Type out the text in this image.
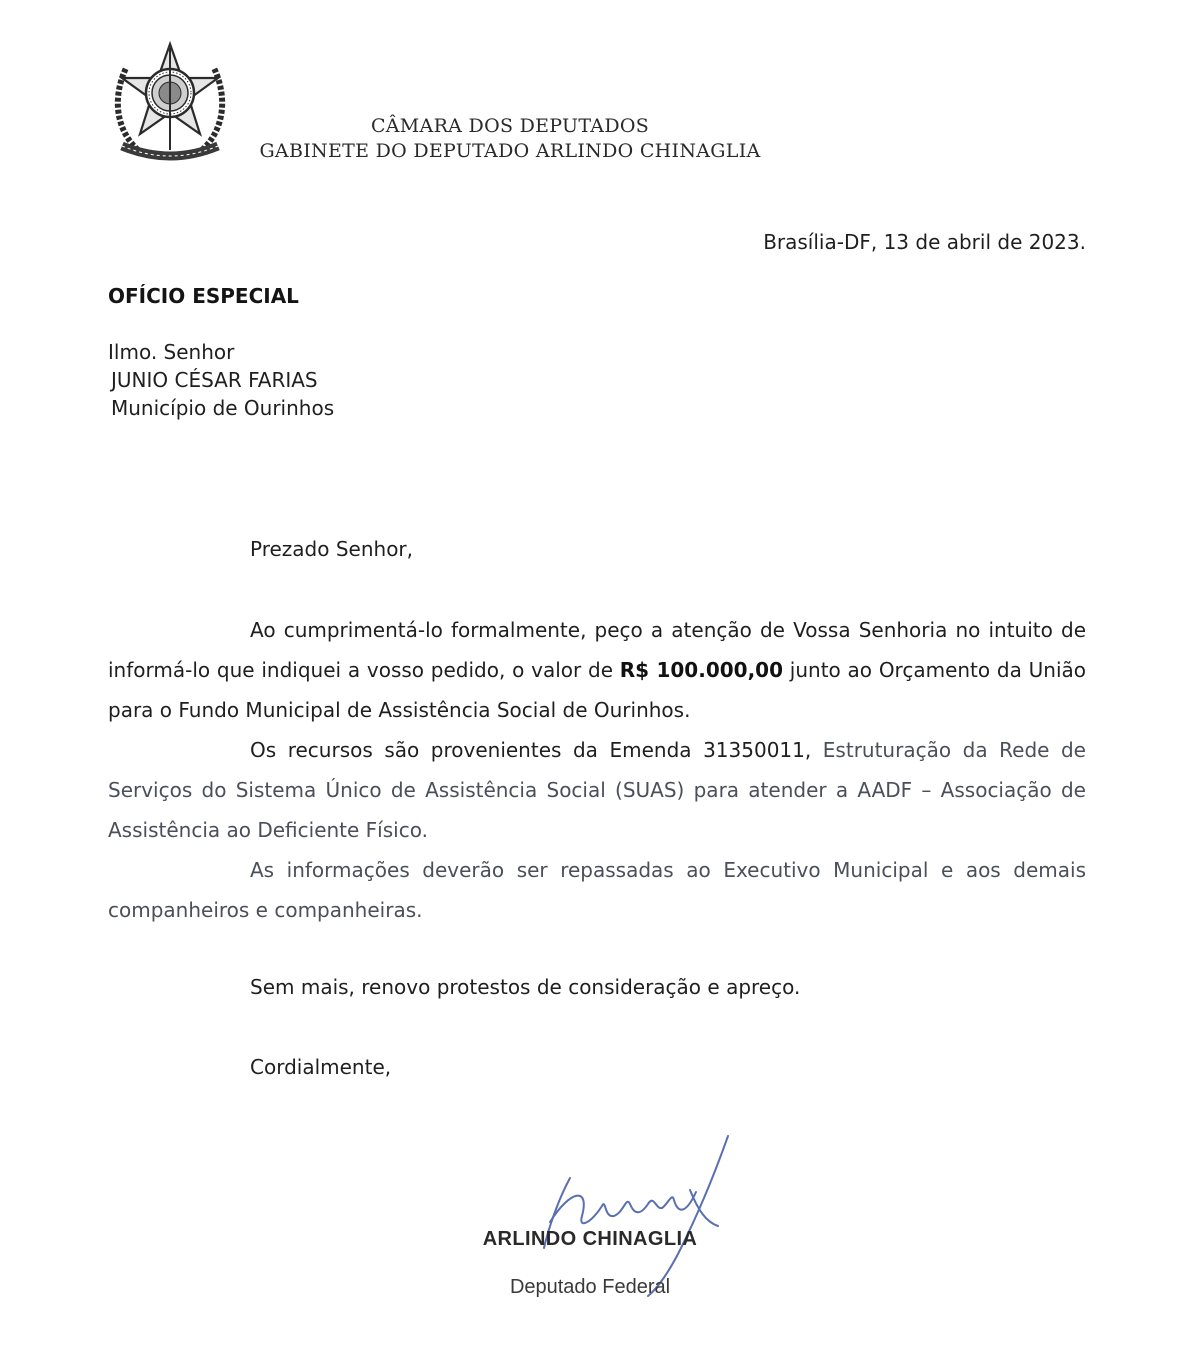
CÂMARA DOS DEPUTADOS
GABINETE DO DEPUTADO ARLINDO CHINAGLIA
Brasília-DF, 13 de abril de 2023.
OFÍCIO ESPECIAL
Ilmo. Senhor
JUNIO CÉSAR FARIAS
Município de Ourinhos
Prezado Senhor,

Ao cumprimentá-lo formalmente, peço a atenção de Vossa Senhoria no intuito de informá-lo que indiquei a vosso pedido, o valor de R$ 100.000,00 junto ao Orçamento da União para o Fundo Municipal de Assistência Social de Ourinhos.

Os recursos são provenientes da Emenda 31350011, Estruturação da Rede de Serviços do Sistema Único de Assistência Social (SUAS) para atender a AADF – Associação de Assistência ao Deficiente Físico.

As informações deverão ser repassadas ao Executivo Municipal e aos demais companheiros e companheiras.

Sem mais, renovo protestos de consideração e apreço.
Cordialmente,
ARLINDO CHINAGLIA
Deputado Federal
